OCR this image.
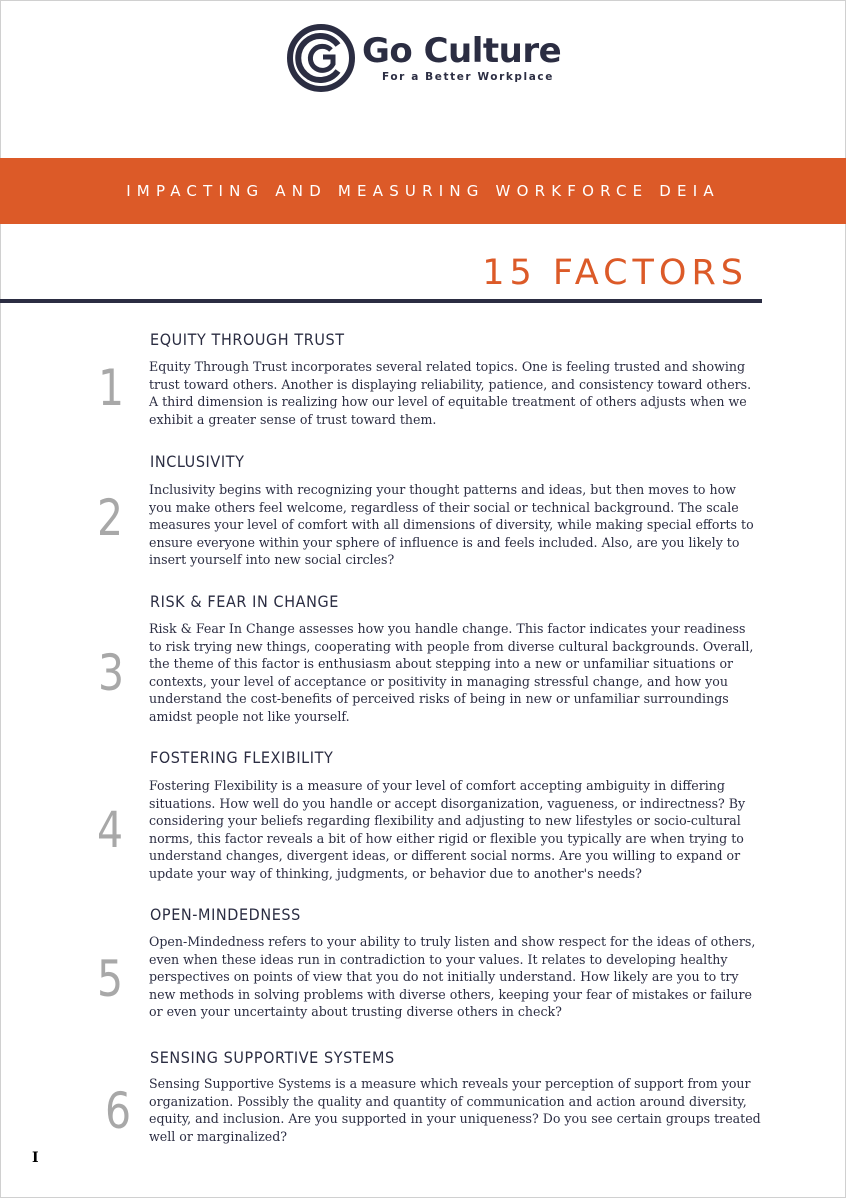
Go Culture
For a Better Workplace
IMPACTING AND MEASURING WORKFORCE DEIA
15 FACTORS
EQUITY THROUGH TRUST
1	Equity Through Trust incorporates several related topics. One is feeling trusted and showing trust toward others. Another is displaying reliability, patience, and consistency toward others. A third dimension is realizing how our level of equitable treatment of others adjusts when we exhibit a greater sense of trust toward them.
INCLUSIVITY
2	Inclusivity begins with recognizing your thought patterns and ideas, but then moves to how you make others feel welcome, regardless of their social or technical background. The scale measures your level of comfort with all dimensions of diversity, while making special efforts to ensure everyone within your sphere of influence is and feels included. Also, are you likely to insert yourself into new social circles?
RISK & FEAR IN CHANGE
3
Risk & Fear In Change assesses how you handle change. This factor indicates your readiness to risk trying new things, cooperating with people from diverse cultural backgrounds. Overall, the theme of this factor is enthusiasm about stepping into a new or unfamiliar situations or contexts, your level of acceptance or positivity in managing stressful change, and how you understand the cost-benefits of perceived risks of being in new or unfamiliar surroundings amidst people not like yourself.
FOSTERING FLEXIBILITY
4
Fostering Flexibility is a measure of your level of comfort accepting ambiguity in differing situations. How well do you handle or accept disorganization, vagueness, or indirectness? By considering your beliefs regarding flexibility and adjusting to new lifestyles or socio-cultural norms, this factor reveals a bit of how either rigid or flexible you typically are when trying to understand changes, divergent ideas, or different social norms. Are you willing to expand or update your way of thinking, judgments, or behavior due to another's needs?
OPEN-MINDEDNESS
5
Open-Mindedness refers to your ability to truly listen and show respect for the ideas of others, even when these ideas run in contradiction to your values. It relates to developing healthy perspectives on points of view that you do not initially understand. How likely are you to try new methods in solving problems with diverse others, keeping your fear of mistakes or failure or even your uncertainty about trusting diverse others in check?
SENSING SUPPORTIVE SYSTEMS
6	Sensing Supportive Systems is a measure which reveals your perception of support from your organization. Possibly the quality and quantity of communication and action around diversity, equity, and inclusion. Are you supported in your uniqueness? Do you see certain groups treated well or marginalized?
I
